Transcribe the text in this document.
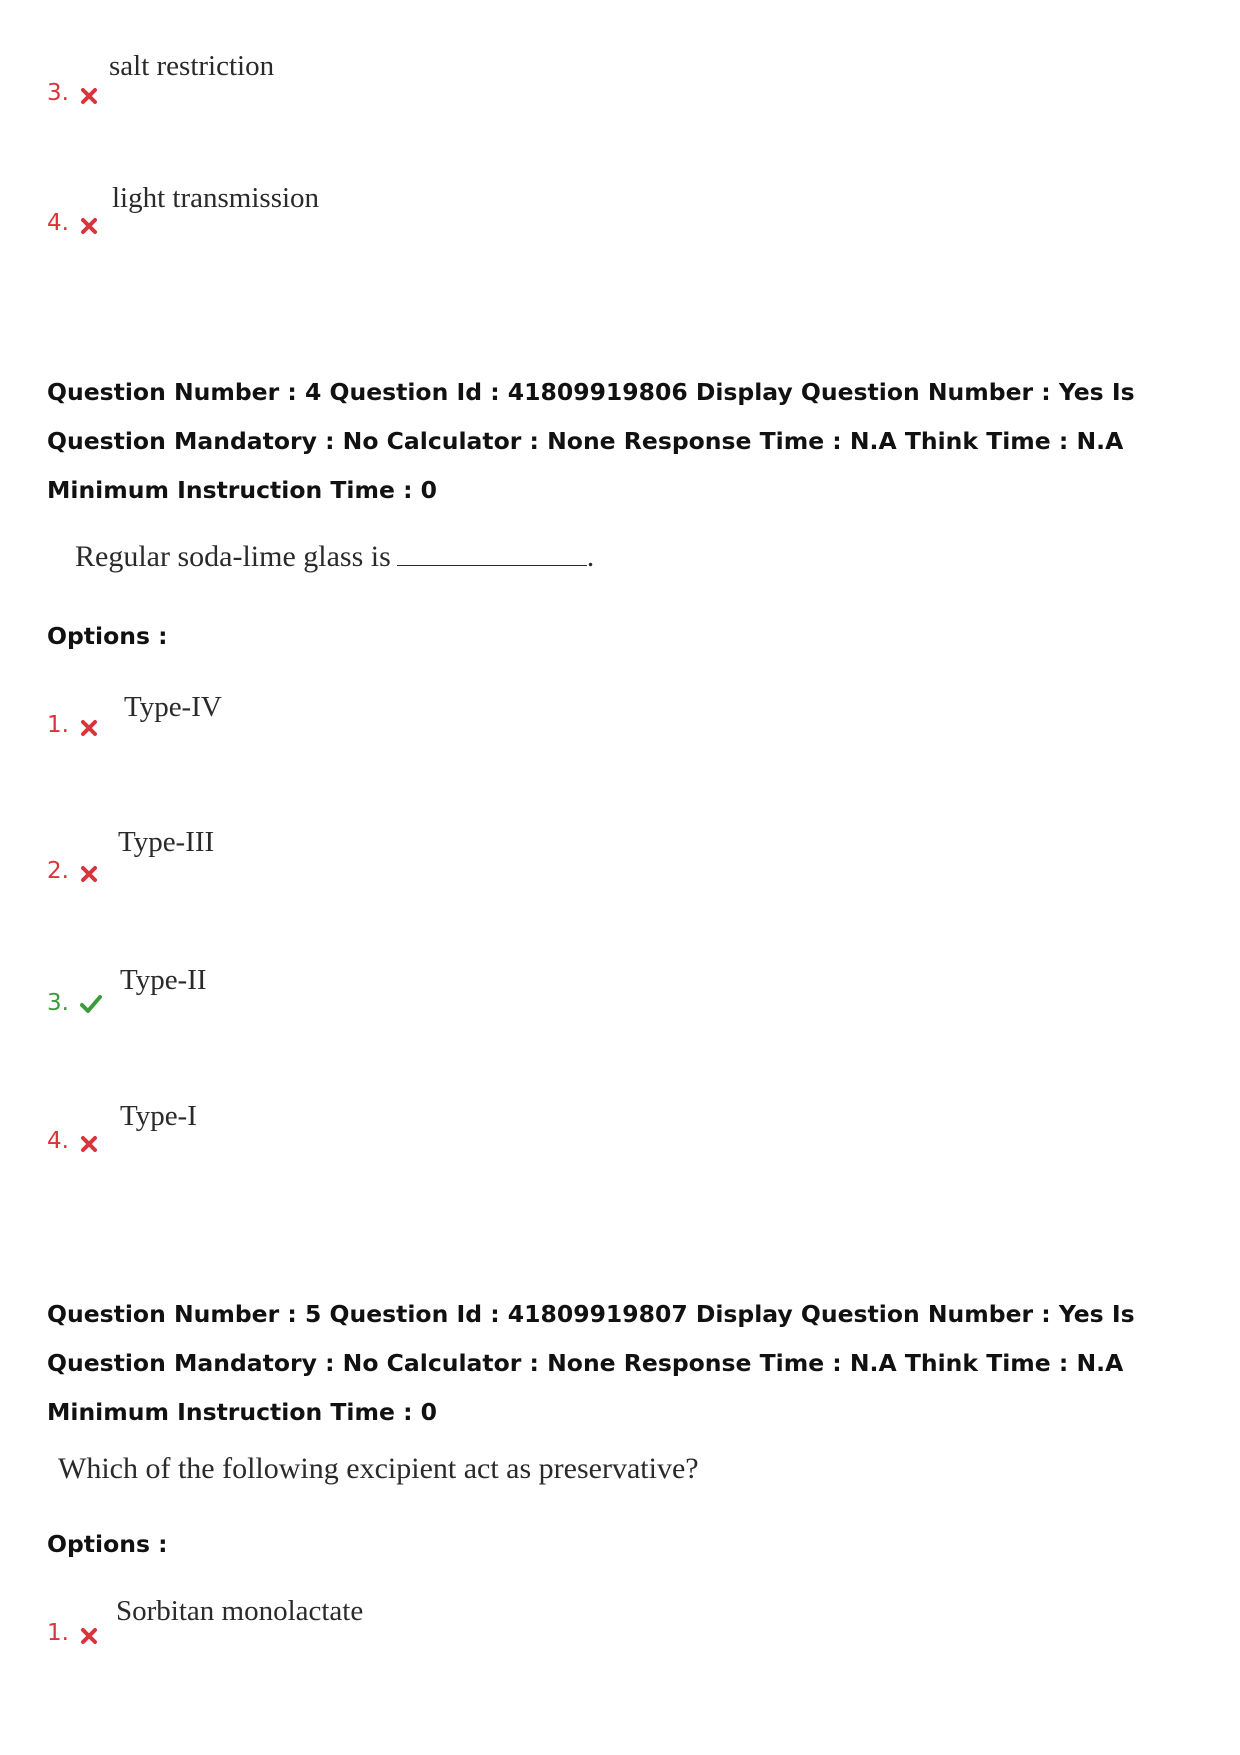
3.
salt restriction
4.
light transmission
Question Number : 4 Question Id : 41809919806 Display Question Number : Yes Is Question Mandatory : No Calculator : None Response Time : N.A Think Time : N.A Minimum Instruction Time : 0
Regular soda-lime glass is	.
Options :
1.
Type-IV
2.
Type-III
3.
Type-II
4.
Type-I
Question Number : 5 Question Id : 41809919807 Display Question Number : Yes Is Question Mandatory : No Calculator : None Response Time : N.A Think Time : N.A Minimum Instruction Time : 0
Which of the following excipient act as preservative?
Options :
1.
Sorbitan monolactate
